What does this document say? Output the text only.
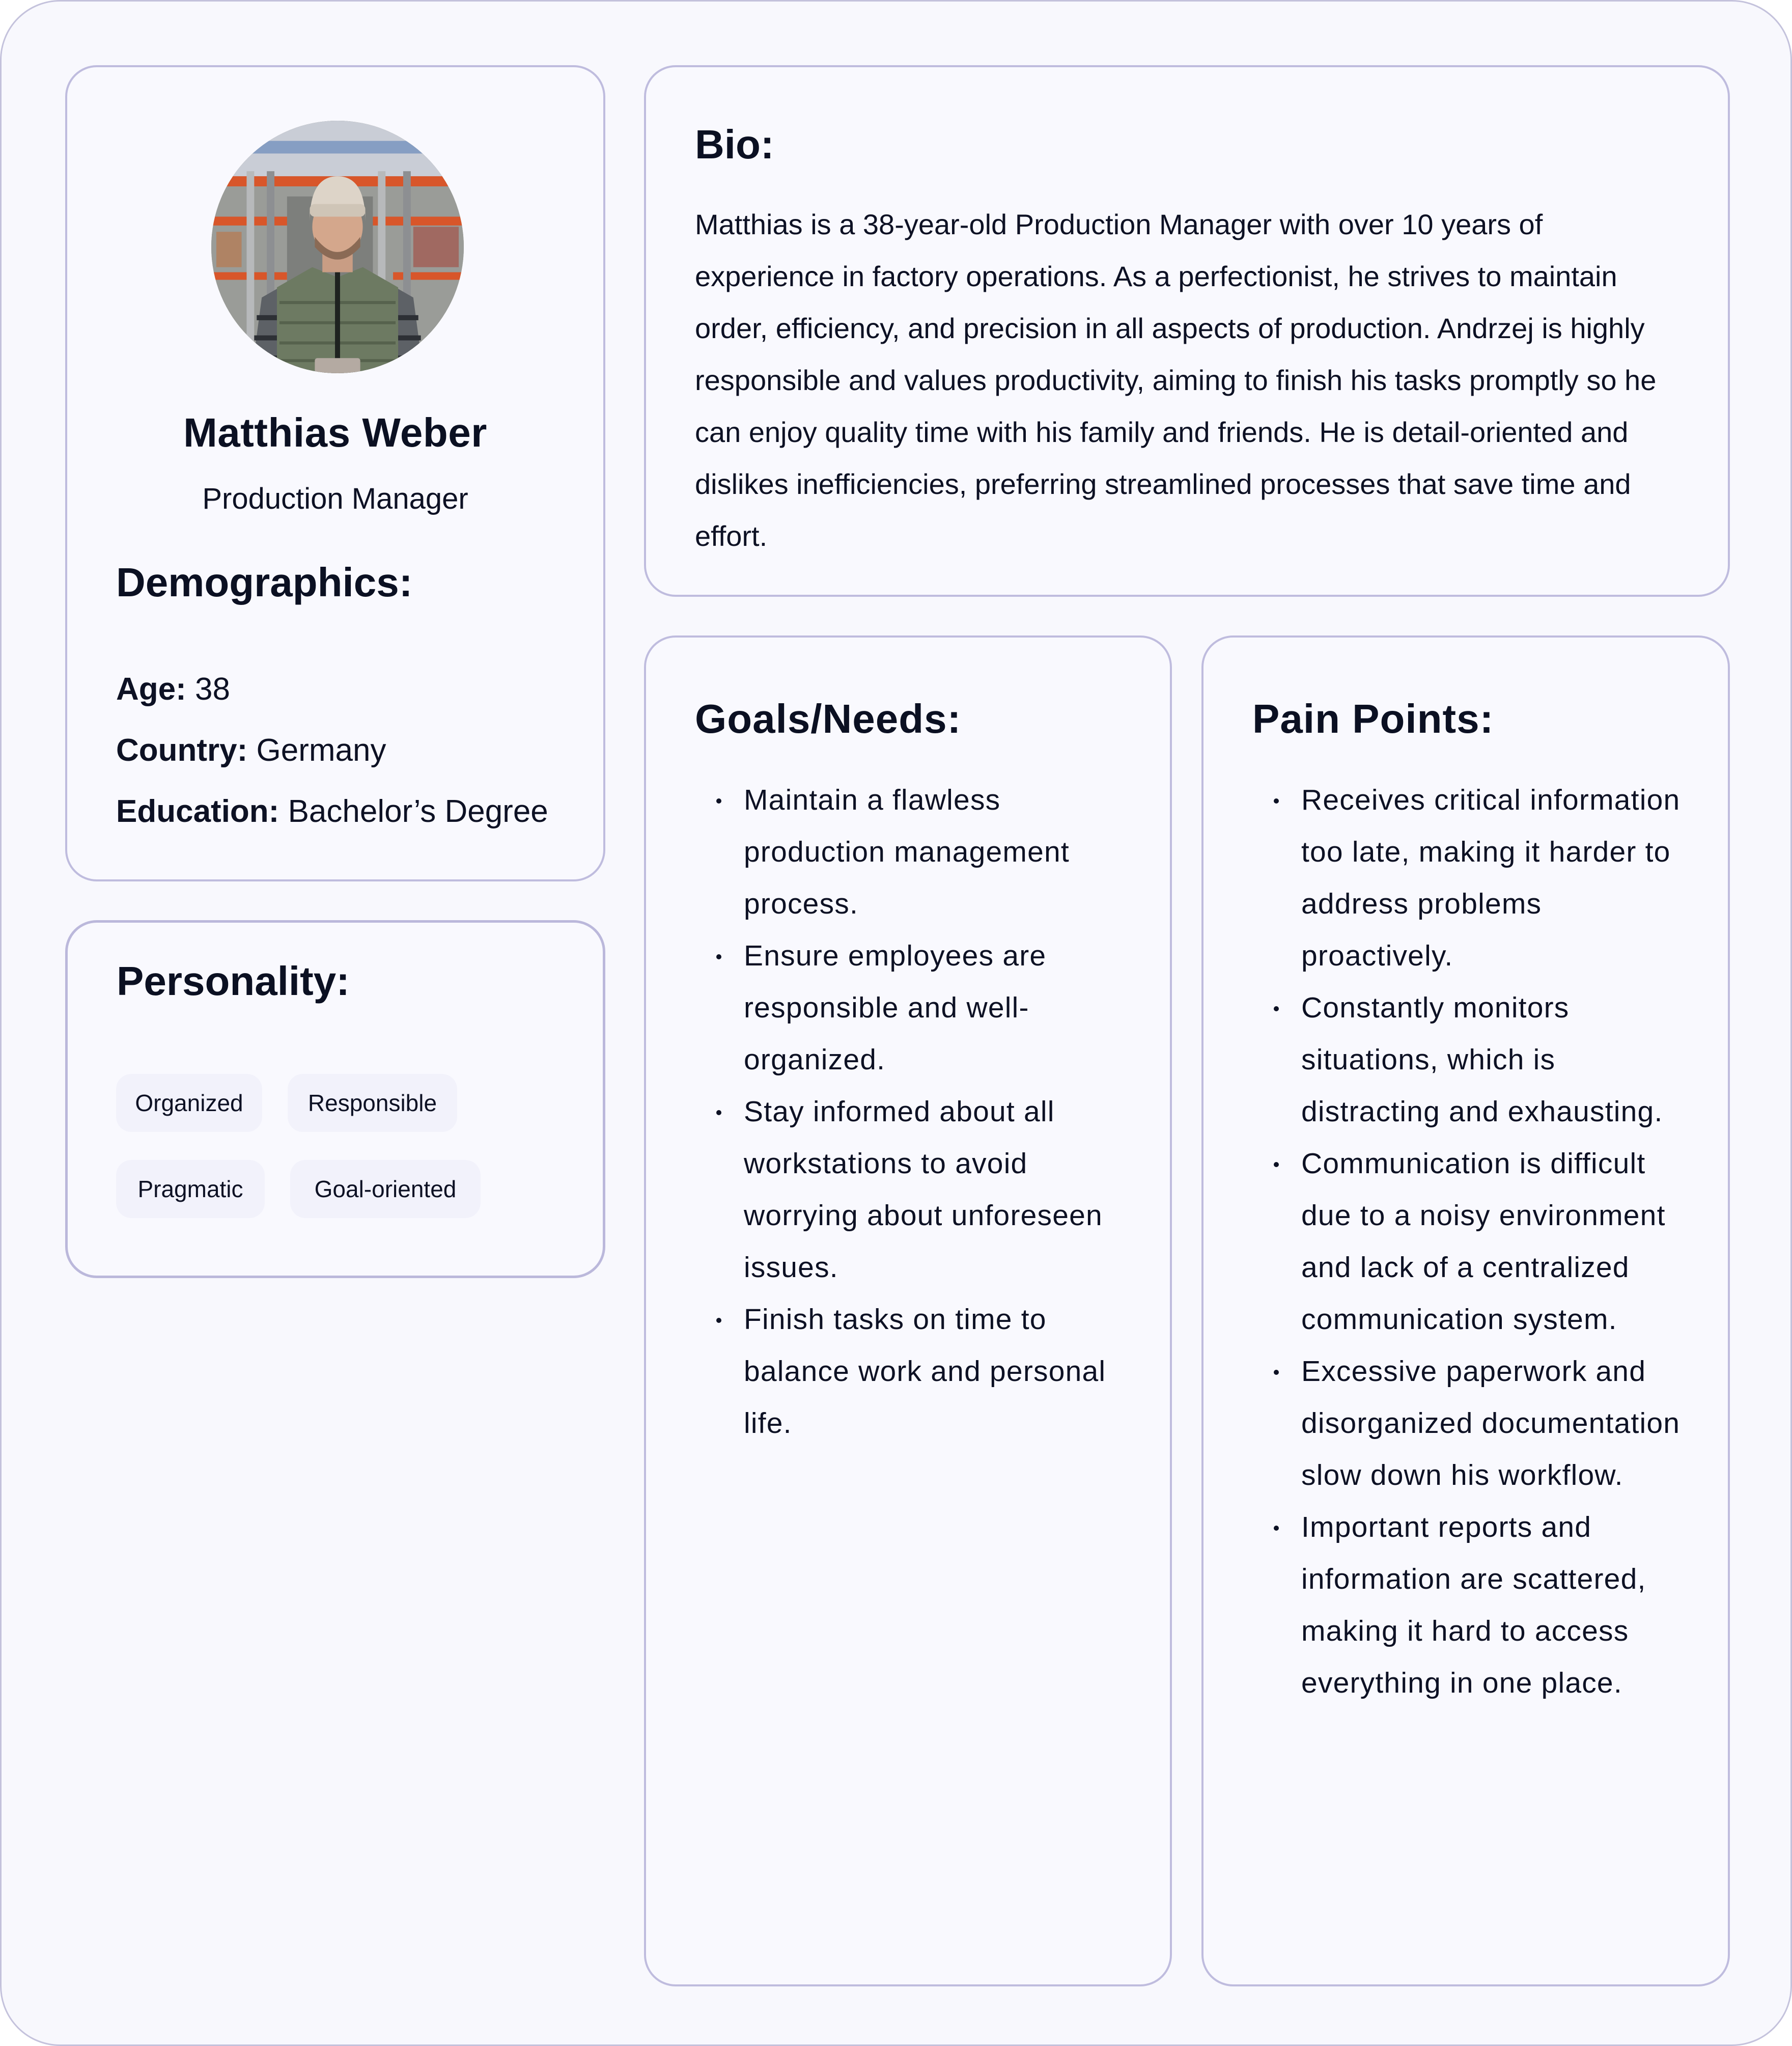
Matthias Weber
Production Manager
Demographics:
Age: 38
Country: Germany
Education: Bachelor’s Degree
Personality:
Organized	Responsible
Pragmatic	Goal-oriented
Bio:

Matthias is a 38-year-old Production Manager with over 10 years of experience in factory operations. As a perfectionist, he strives to maintain order, efficiency, and precision in all aspects of production. Andrzej is highly responsible and values productivity, aiming to finish his tasks promptly so he can enjoy quality time with his family and friends. He is detail-oriented and dislikes inefficiencies, preferring streamlined processes that save time and effort.

Goals/Needs:
Maintain a flawless production management process.
Ensure employees are responsible and well-organized.
Stay informed about all workstations to avoid worrying about unforeseen issues.
Finish tasks on time to balance work and personal life.
Pain Points:
Receives critical information too late, making it harder to address problems proactively.
Constantly monitors situations, which is distracting and exhausting.
Communication is difficult due to a noisy environment and lack of a centralized communication system.
Excessive paperwork and disorganized documentation slow down his workflow.
Important reports and information are scattered, making it hard to access everything in one place.
